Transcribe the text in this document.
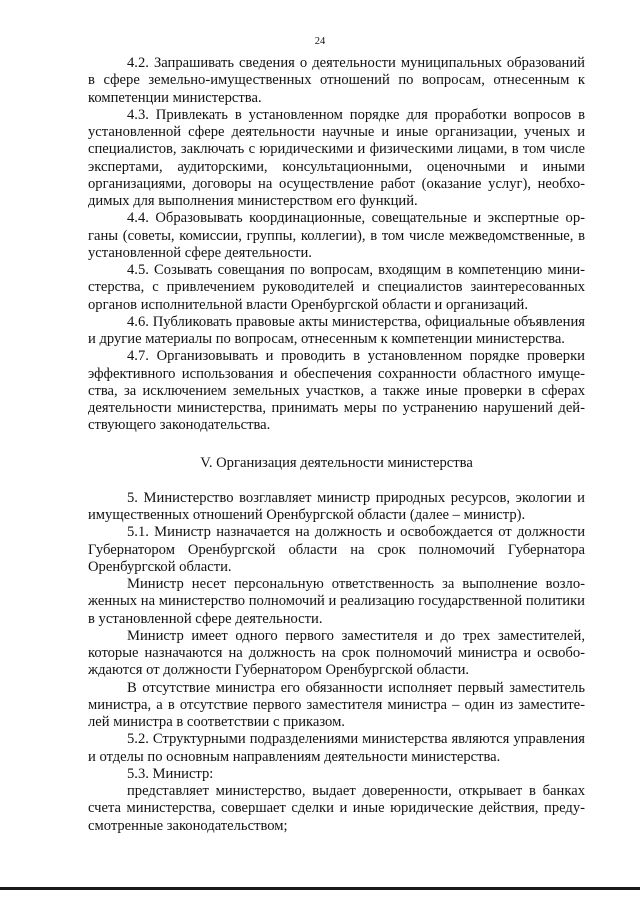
24

4.2. Запрашивать сведения о деятельности муниципальных образований в сфере земельно-имущественных отношений по вопросам, отнесенным к компетенции министерства.

4.3. Привлекать в установленном порядке для проработки вопросов в установленной сфере деятельности научные и иные организации, ученых и специалистов, заключать с юридическими и физическими лицами, в том числе экспертами, аудиторскими, консультационными, оценочными и иными организациями, договоры на осуществление работ (оказание услуг), необходимых для выполнения министерством его функций.

4.4. Образовывать координационные, совещательные и экспертные органы (советы, комиссии, группы, коллегии), в том числе межведомственные, в установленной сфере деятельности.

4.5. Созывать совещания по вопросам, входящим в компетенцию министерства, с привлечением руководителей и специалистов заинтересованных органов исполнительной власти Оренбургской области и организаций.

4.6. Публиковать правовые акты министерства, официальные объявления и другие материалы по вопросам, отнесенным к компетенции министерства.

4.7. Организовывать и проводить в установленном порядке проверки эффективного использования и обеспечения сохранности областного имущества, за исключением земельных участков, а также иные проверки в сферах деятельности министерства, принимать меры по устранению нарушений действующего законодательства.

V. Организация деятельности министерства

5. Министерство возглавляет министр природных ресурсов, экологии и имущественных отношений Оренбургской области (далее – министр).

5.1. Министр назначается на должность и освобождается от должности Губернатором Оренбургской области на срок полномочий Губернатора Оренбургской области.

Министр несет персональную ответственность за выполнение возложенных на министерство полномочий и реализацию государственной политики в установленной сфере деятельности.

Министр имеет одного первого заместителя и до трех заместителей, которые назначаются на должность на срок полномочий министра и освобождаются от должности Губернатором Оренбургской области.

В отсутствие министра его обязанности исполняет первый заместитель министра, а в отсутствие первого заместителя министра – один из заместителей министра в соответствии с приказом.

5.2. Структурными подразделениями министерства являются управления и отделы по основным направлениям деятельности министерства.

5.3. Министр:

представляет министерство, выдает доверенности, открывает в банках счета министерства, совершает сделки и иные юридические действия, предусмотренные законодательством;
